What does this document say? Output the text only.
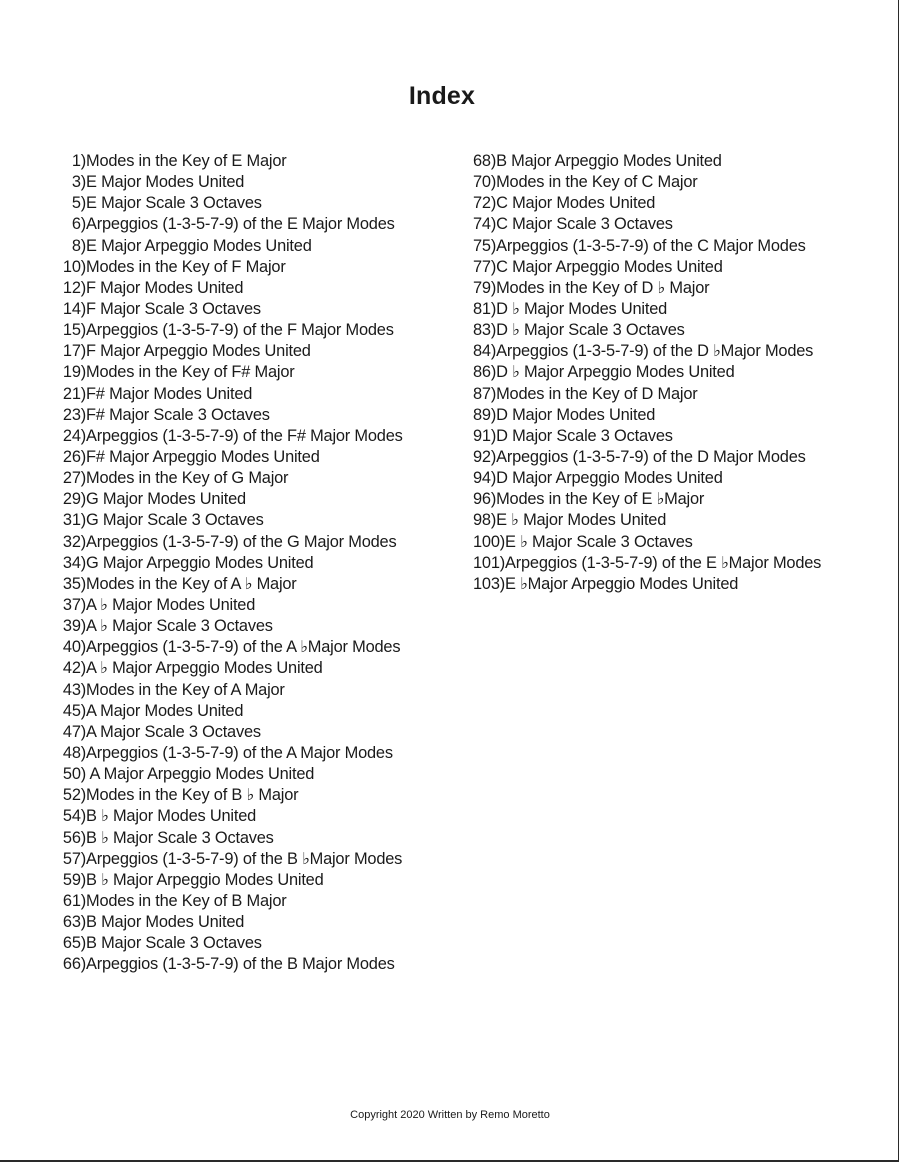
Index
1)Modes in the Key of E Major
3)E Major Modes United
5)E Major Scale 3 Octaves
6)Arpeggios (1-3-5-7-9) of the E Major Modes
8)E Major Arpeggio Modes United
10)Modes in the Key of F Major
12)F Major Modes United
14)F Major Scale 3 Octaves
15)Arpeggios (1-3-5-7-9) of the F Major Modes
17)F Major Arpeggio Modes United
19)Modes in the Key of F# Major
21)F# Major Modes United
23)F# Major Scale 3 Octaves
24)Arpeggios (1-3-5-7-9) of the F# Major Modes
26)F# Major Arpeggio Modes United
27)Modes in the Key of G Major
29)G Major Modes United
31)G Major Scale 3 Octaves
32)Arpeggios (1-3-5-7-9) of the G Major Modes
34)G Major Arpeggio Modes United
35)Modes in the Key of A ♭ Major
37)A ♭ Major Modes United
39)A ♭ Major Scale 3 Octaves
40)Arpeggios (1-3-5-7-9) of the A ♭Major Modes
42)A ♭ Major Arpeggio Modes United
43)Modes in the Key of A Major
45)A Major Modes United
47)A Major Scale 3 Octaves
48)Arpeggios (1-3-5-7-9) of the A Major Modes
50) A Major Arpeggio Modes United
52)Modes in the Key of B ♭ Major
54)B ♭ Major Modes United
56)B ♭ Major Scale 3 Octaves
57)Arpeggios (1-3-5-7-9) of the B ♭Major Modes
59)B ♭ Major Arpeggio Modes United
61)Modes in the Key of B Major
63)B Major Modes United
65)B Major Scale 3 Octaves
66)Arpeggios (1-3-5-7-9) of the B Major Modes
68)B Major Arpeggio Modes United
70)Modes in the Key of C Major
72)C Major Modes United
74)C Major Scale 3 Octaves
75)Arpeggios (1-3-5-7-9) of the C Major Modes
77)C Major Arpeggio Modes United
79)Modes in the Key of D ♭ Major
81)D ♭ Major Modes United
83)D ♭ Major Scale 3 Octaves
84)Arpeggios (1-3-5-7-9) of the D ♭Major Modes
86)D ♭ Major Arpeggio Modes United
87)Modes in the Key of D Major
89)D Major Modes United
91)D Major Scale 3 Octaves
92)Arpeggios (1-3-5-7-9) of the D Major Modes
94)D Major Arpeggio Modes United
96)Modes in the Key of E ♭Major
98)E ♭ Major Modes United
100)E ♭ Major Scale 3 Octaves
101)Arpeggios (1-3-5-7-9) of the E ♭Major Modes
103)E ♭Major Arpeggio Modes United
Copyright 2020 Written by Remo Moretto
